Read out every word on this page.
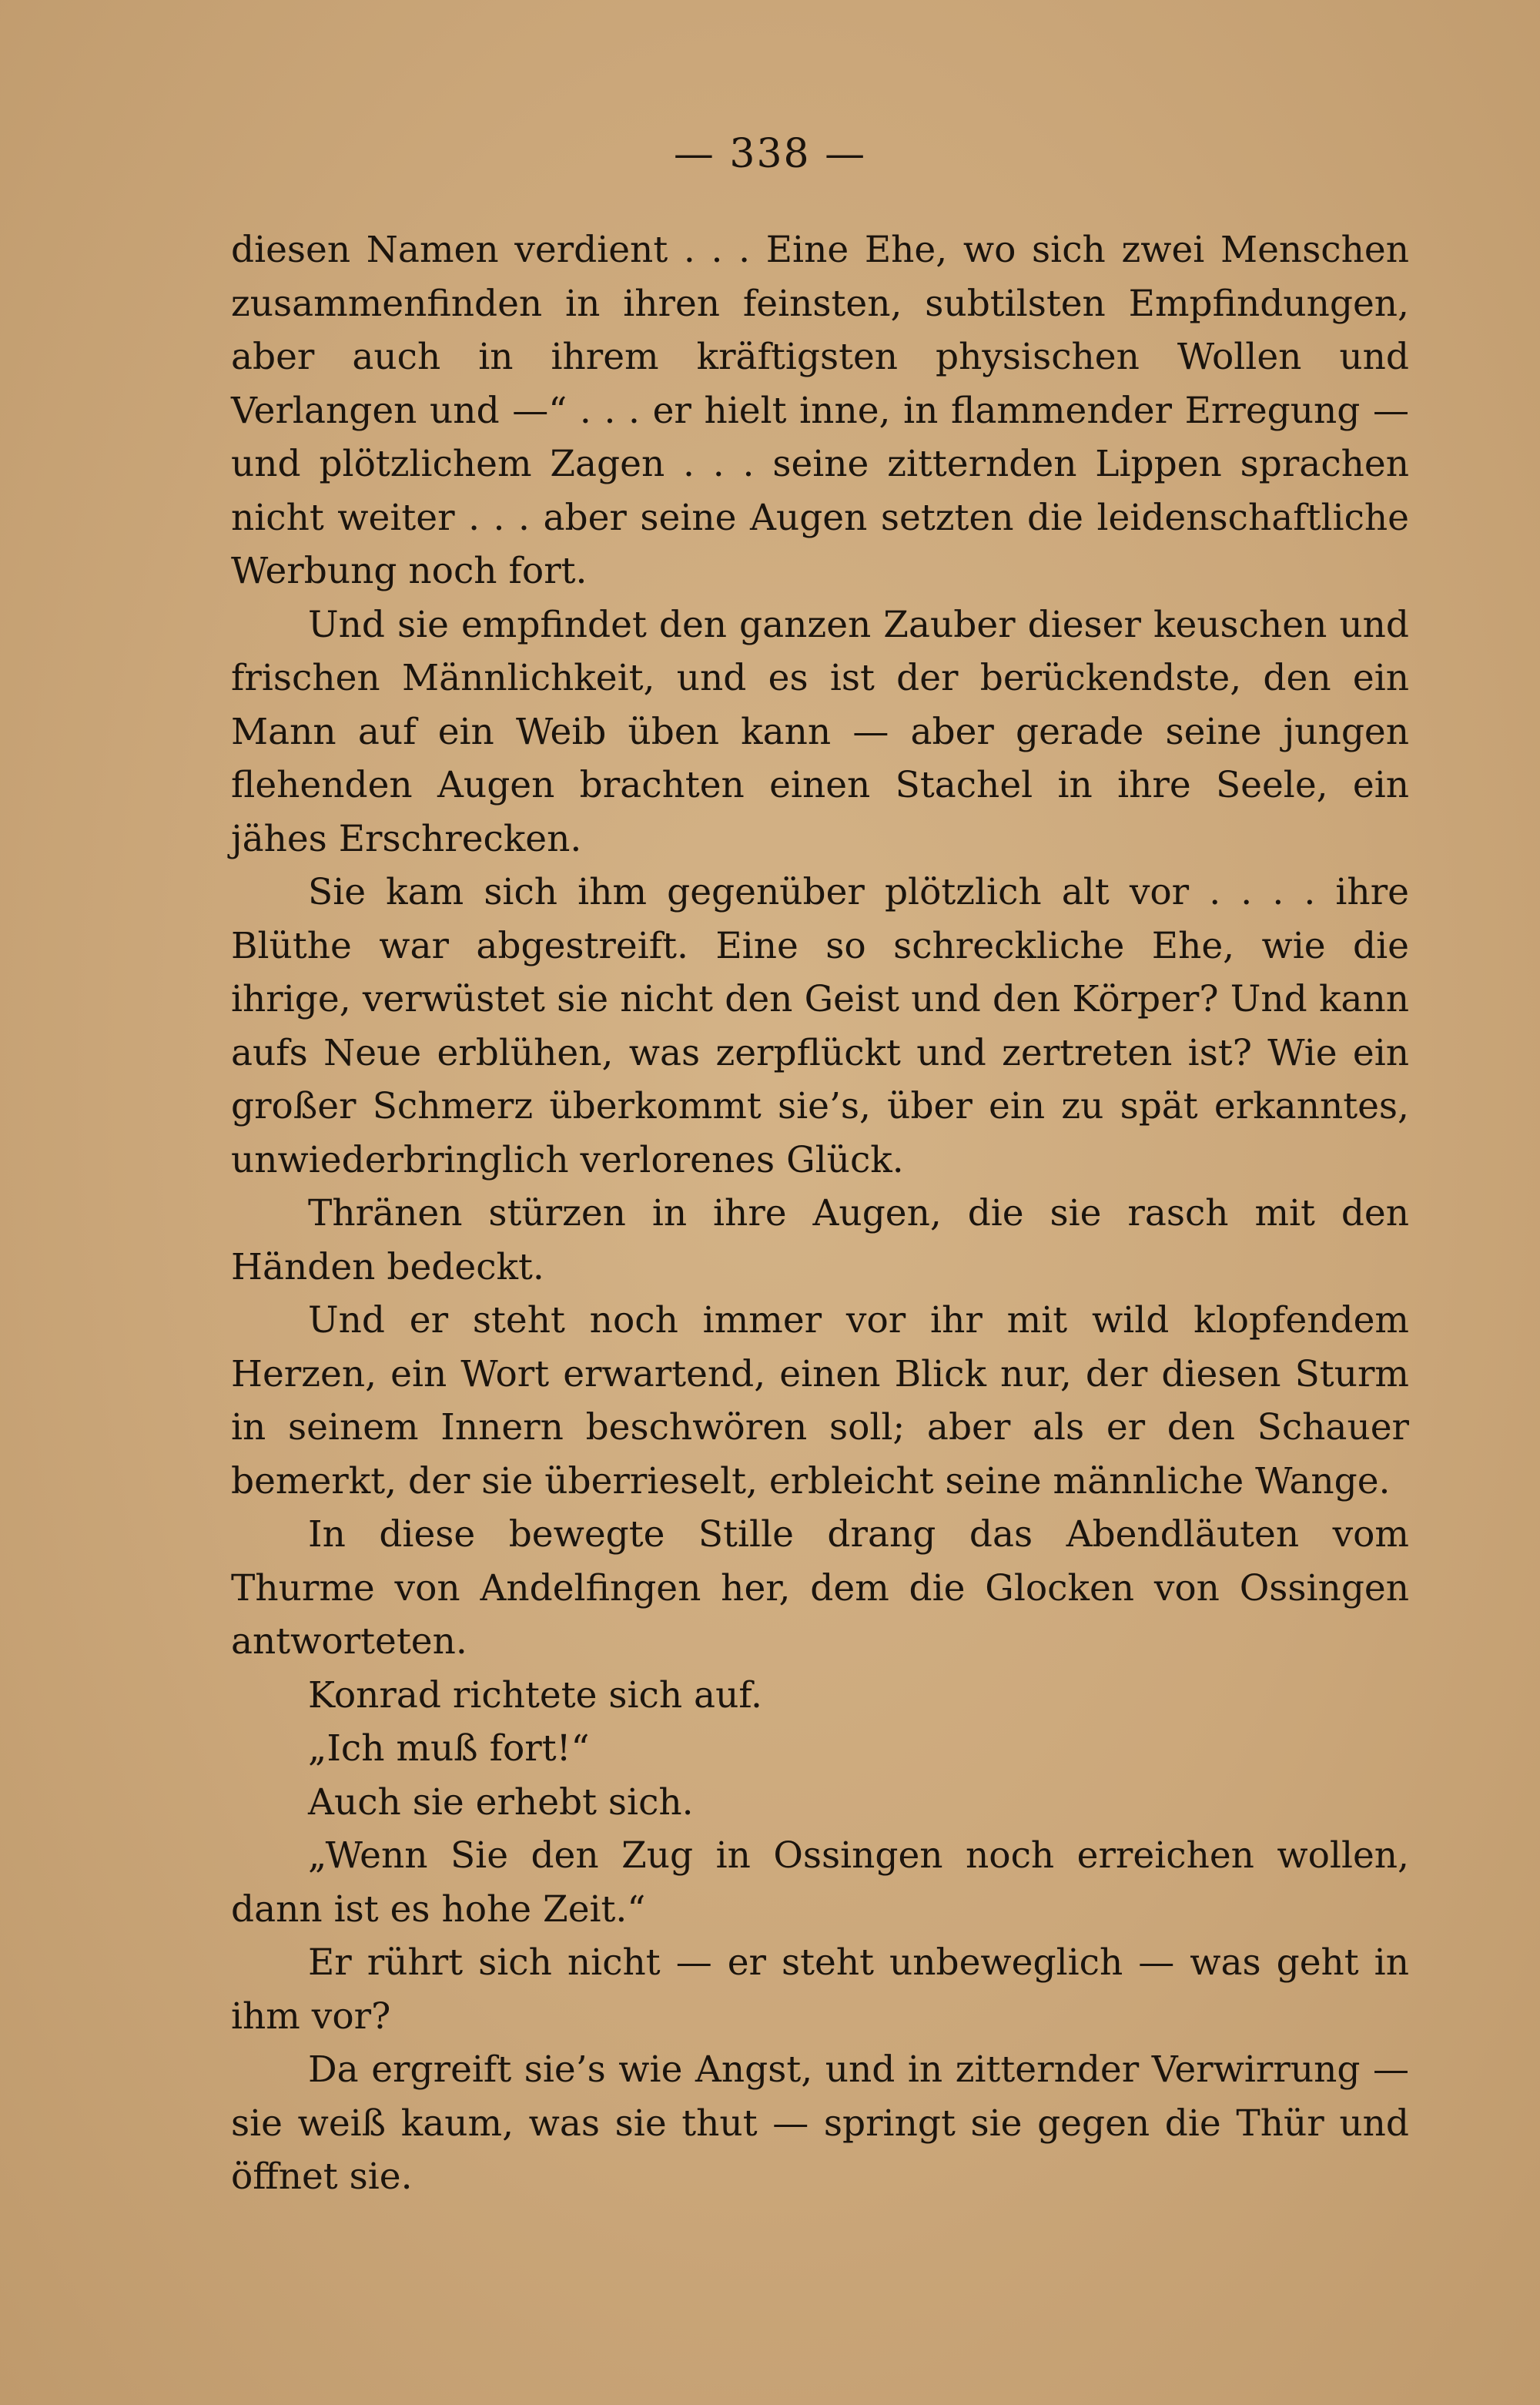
— 338 —

diesen Namen verdient . . . Eine Ehe, wo sich zwei Menschen zusammenfinden in ihren feinsten, subtilsten Empfindungen, aber auch in ihrem kräftigsten physischen Wollen und Verlangen und —“ . . . er hielt inne, in flammender Erregung — und plötzlichem Zagen . . . seine zitternden Lippen sprachen nicht weiter . . . aber seine Augen setzten die leidenschaftliche Werbung noch fort.

Und sie empfindet den ganzen Zauber dieser keuschen und frischen Männlichkeit, und es ist der berückendste, den ein Mann auf ein Weib üben kann — aber gerade seine jungen flehenden Augen brachten einen Stachel in ihre Seele, ein jähes Erschrecken.

Sie kam sich ihm gegenüber plötzlich alt vor . . . . ihre Blüthe war abgestreift. Eine so schreckliche Ehe, wie die ihrige, verwüstet sie nicht den Geist und den Körper? Und kann aufs Neue erblühen, was zerpflückt und zertreten ist? Wie ein großer Schmerz überkommt sie’s, über ein zu spät erkanntes, unwiederbringlich verlorenes Glück.

Thränen stürzen in ihre Augen, die sie rasch mit den Händen bedeckt.

Und er steht noch immer vor ihr mit wild klopfendem Herzen, ein Wort erwartend, einen Blick nur, der diesen Sturm in seinem Innern beschwören soll; aber als er den Schauer bemerkt, der sie überrieselt, erbleicht seine männliche Wange.

In diese bewegte Stille drang das Abendläuten vom Thurme von Andelfingen her, dem die Glocken von Ossingen antworteten.

Konrad richtete sich auf.

„Ich muß fort!“

Auch sie erhebt sich.

„Wenn Sie den Zug in Ossingen noch erreichen wollen, dann ist es hohe Zeit.“

Er rührt sich nicht — er steht unbeweglich — was geht in ihm vor?

Da ergreift sie’s wie Angst, und in zitternder Verwirrung — sie weiß kaum, was sie thut — springt sie gegen die Thür und öffnet sie.
